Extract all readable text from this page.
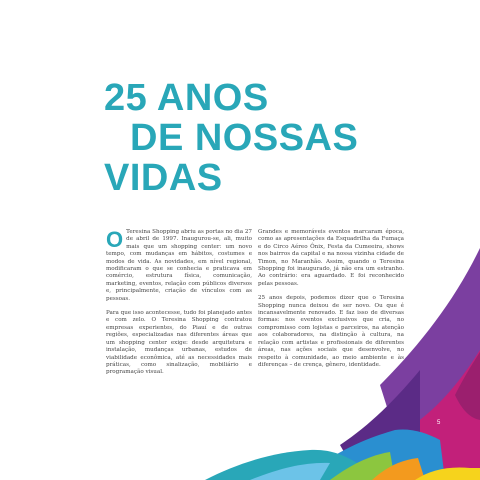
25 ANOS
DE NOSSAS
VIDAS

O Teresina Shopping abriu as portas no dia 27 de abril de 1997. Inaugurou-se, ali, muito mais que um shopping center: um novo tempo, com mudanças em hábitos, costumes e modos de vida. As novidades, em nível regional, modificaram o que se conhecia e praticava em comércio, estrutura física, comunicação, marketing, eventos, relação com públicos diversos e, principalmente, criação de vínculos com as pessoas.

Para que isso acontecesse, tudo foi planejado antes e com zelo. O Teresina Shopping contratou empresas experientes, do Piauí e de outras regiões, especializadas nas diferentes áreas que um shopping center exige: desde arquitetura e instalação, mudanças urbanas, estudos de viabilidade econômica, até as necessidades mais práticas, como sinalização, mobiliário e programação visual.

Grandes e memoráveis eventos marcaram época, como as apresentações da Esquadrilha da Fumaça e do Circo Aéreo Ônix, Festa da Cumeeira, shows nos bairros da capital e na nossa vizinha cidade de Timon, no Maranhão. Assim, quando o Teresina Shopping foi inaugurado, já não era um estranho. Ao contrário: era aguardado. E foi reconhecido pelas pessoas.

25 anos depois, podemos dizer que o Teresina Shopping nunca deixou de ser novo. Ou que é incansavelmente renovado. E faz isso de diversas formas: nos eventos exclusivos que cria, no compromisso com lojistas e parceiros, na atenção aos colaboradores, na distinção à cultura, na relação com artistas e profissionais de diferentes áreas, nas ações sociais que desenvolve, no respeito à comunidade, ao meio ambiente e às diferenças – de crença, gênero, identidade.

5
